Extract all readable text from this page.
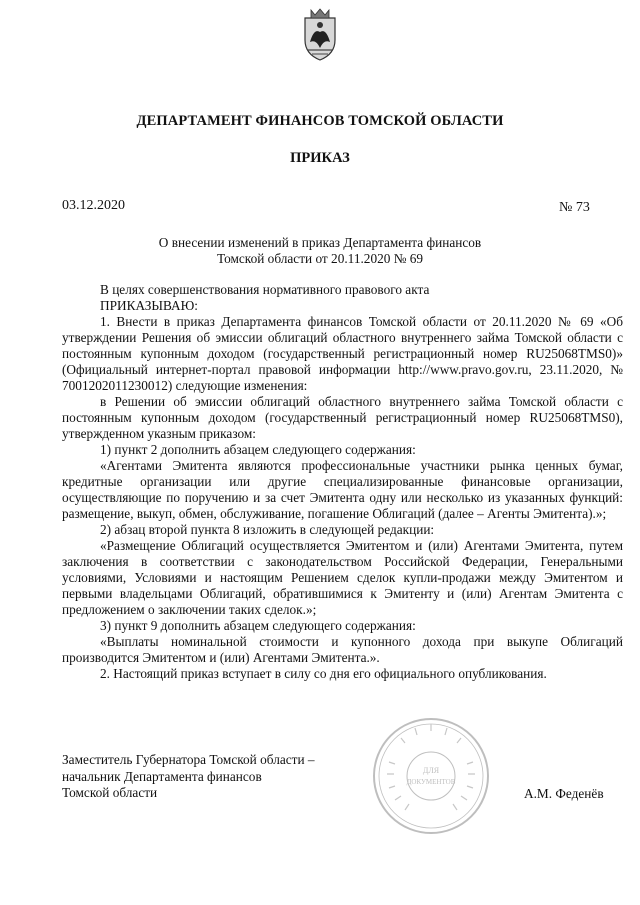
ДЕПАРТАМЕНТ ФИНАНСОВ ТОМСКОЙ ОБЛАСТИ
ПРИКАЗ
03.12.2020	№ 73
О внесении изменений в приказ Департамента финансов
Томской области от 20.11.2020 № 69

В целях совершенствования нормативного правового акта

ПРИКАЗЫВАЮ:

1. Внести в приказ Департамента финансов Томской области от 20.11.2020 № 69 «Об утверждении Решения об эмиссии облигаций областного внутреннего займа Томской области с постоянным купонным доходом (государственный регистрационный номер RU25068TMS0)» (Официальный интернет-портал правовой информации http://www.pravo.gov.ru, 23.11.2020, № 7001202011230012) следующие изменения:

в Решении об эмиссии облигаций областного внутреннего займа Томской области с постоянным купонным доходом (государственный регистрационный номер RU25068TMS0), утвержденном указным приказом:

1) пункт 2 дополнить абзацем следующего содержания:

«Агентами Эмитента являются профессиональные участники рынка ценных бумаг, кредитные организации или другие специализированные финансовые организации, осуществляющие по поручению и за счет Эмитента одну или несколько из указанных функций: размещение, выкуп, обмен, обслуживание, погашение Облигаций (далее – Агенты Эмитента).»;

2) абзац второй пункта 8 изложить в следующей редакции:

«Размещение Облигаций осуществляется Эмитентом и (или) Агентами Эмитента, путем заключения в соответствии с законодательством Российской Федерации, Генеральными условиями, Условиями и настоящим Решением сделок купли-продажи между Эмитентом и первыми владельцами Облигаций, обратившимися к Эмитенту и (или) Агентам Эмитента с предложением о заключении таких сделок.»;

3) пункт 9 дополнить абзацем следующего содержания:

«Выплаты номинальной стоимости и купонного дохода при выкупе Облигаций производится Эмитентом и (или) Агентами Эмитента.».

2. Настоящий приказ вступает в силу со дня его официального опубликования.

Заместитель Губернатора Томской области –
начальник Департамента финансов
Томской области
ДЛЯ
ДОКУМЕНТОВ
А.М. Феденёв
